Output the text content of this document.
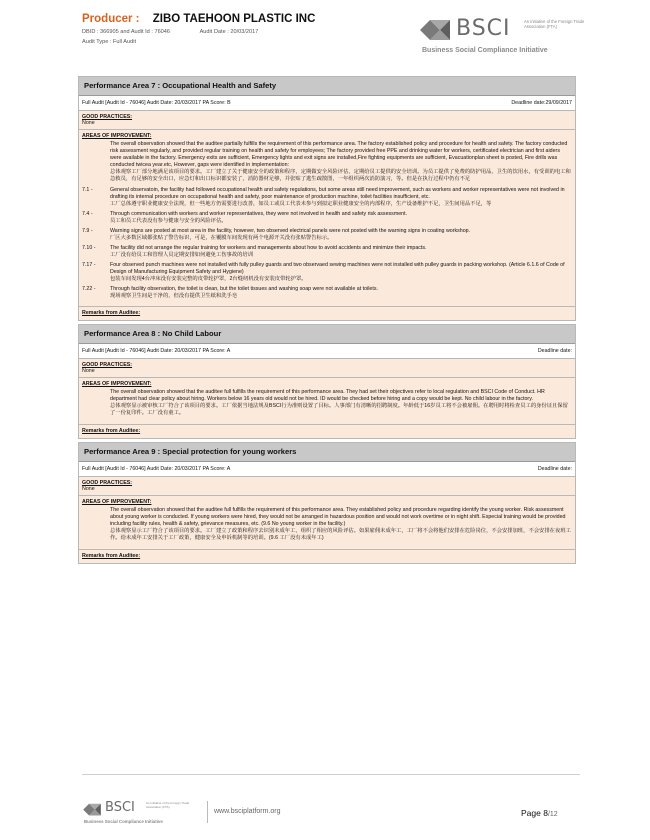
Producer : ZIBO TAEHOON PLASTIC INC
DBID : 366905 and Audit Id : 76046	Audit Date : 20/03/2017
Audit Type : Full Audit
BSCI	An initiative of the Foreign Trade Association (FTA)
Business Social Compliance Initiative
Performance Area 7 : Occupational Health and Safety
Full Audit [Audit Id - 76046] Audit Date: 20/03/2017 PA Score: B	Deadline date:29/09/2017
GOOD PRACTICES:
None
AREAS OF IMPROVEMENT:
The overall observation showed that the auditee partially fulfills the requirement of this performance area. The factory established policy and procedure for health and safety. The factory conducted risk assessment regularly, and provided regular training on health and safety for employees; The factory provided free PPE and drinking water for workers, certificated electrician and first aiders were available in the factory. Emergency exits are sufficient, Emergency lights and exit signs are installed,Fire fighting equipments are sufficient, Evacuationplan sheet is posted, Fire drills was conducted twicea year.etc, However, gaps were identified in implementation:
总体观察工厂部分地满足该项目的要求。工厂建立了关于健康安全的政策和程序，定期做安全风险评估，定期给员工提供的安全培训。为员工提供了免费的防护用品，卫生的饮用水，有受训的电工和急救员，有足够的安全出口，应急灯和出口标识都安装了，消防器材足够，并张贴了逃生疏散图，一年组织两次消防演习，等。但是在执行过程中仍有不足
7.1 -	General observatoin, the facility had followed occupational health and safety regulations, but some areas still need improvement, such as workers and worker representatives were not involved in drafting its internal procedure on occupational health and safety, poor maintenance of production machine, toilet facilities insufficient, etc.
工厂总体遵守职业健康安全法规，但一些地方仍需要进行改善，如员工或员工代表未参与到拟定职业健康安全的内部程序，生产设备维护不足，卫生间用品不足，等
7.4 -	Through communication with workers and worker representatives, they were not involved in health and safety risk assessment.
员工和员工代表没有参与健康与安全的风险评估。
7.9 -	Warning signs are posted at most area in the facility, however, two observed electrical panels were not posted with the warning signs in coating workshop.
厂区大多数区域都张贴了警告标识，可是，在覆膜车间发现有两个电源开关没有张贴警告标示。
7.10 -	The facility did not arrange the regular training for workers and managements about how to avoid accidents and minimize their impacts.
工厂没有给员工和管理人员定期安排如何避免工伤事故的培训
7.17 -	Four observed punch machines were not installed with fully pulley guards and two observaed sewing machines were not installed with pulley guards in packing workshop. (Article 6.1.6 of Code of Design of Manufacturing Equipment Safety and Hygiene)
包装车间发现4台冲床没有安装完整的皮带轮护罩，2台缝纫机没有安装皮带轮护罩。
7.22 -	Through facility observation, the toilet is clean, but the toilet tissues and washing soap were not available at toilets.
现场观察卫生间是干净的，但没有提供卫生纸和洗手皂
Remarks from Auditee:
Performance Area 8 : No Child Labour
Full Audit [Audit Id - 76046] Audit Date: 20/03/2017 PA Score: A	Deadline date:
GOOD PRACTICES:
None
AREAS OF IMPROVEMENT:
The overall observation showed that the auditee full fulfills the requirement of this performance area. They had set their objectives refer to local regulation and BSCI Code of Conduct. HR department had clear policy about hiring. Workers below 16 years old would not be hired. ID would be checked before hiring and a copy would be kept. No child labour in the factory.
总体观察显示被审核工厂符合了该项目的要求。工厂依据当地法规及BSCI行为准则设置了目标。人事部门有清晰的招聘制度。年龄低于16岁员工将不会被雇佣。在聘用时将检查员工的身份证且保留了一份复印件。工厂没有童工。
Remarks from Auditee:
Performance Area 9 : Special protection for young workers
Full Audit [Audit Id - 76046] Audit Date: 20/03/2017 PA Score: A	Deadline date:
GOOD PRACTICES:
None
AREAS OF IMPROVEMENT:
The overall observation showed that the auditee full fulfills the requirement of this performance area. They established policy and procedure regarding identify the young worker. Risk assessment about young worker is conducted. If young workers were hired, they would not be arranged in hazardous position and would not work overtime or in night shift. Especial training would be provided including facility rules, health & safety, grievance measures, etc. (9.6 No young worker in the facility.)
总体观察显示工厂符合了该项目的要求。工厂建立了政策和程序去识别未成年工，组织了相应的风险评估。如果雇佣未成年工，工厂将不会将他们安排在危险岗位，不会安排加班，不会安排在夜班工作。给未成年工安排关于工厂政策，健康安全及申诉机制等的培训。(9.6 工厂没有未成年工)
Remarks from Auditee:
BSCI	An initiative of the Foreign Trade Association (FTA)
Business Social Compliance Initiative
www.bsciplatform.org	Page 8/12
